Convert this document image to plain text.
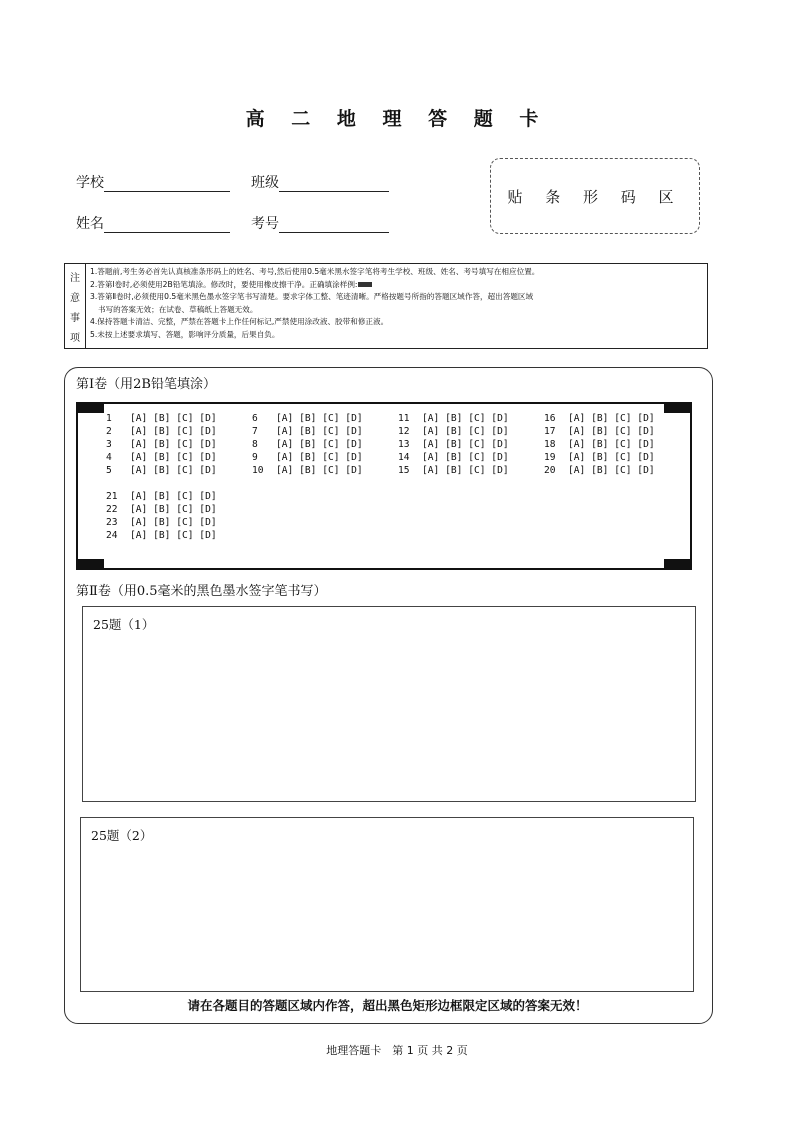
高 二 地 理 答 题 卡
学校	班级
姓名	考号
贴 条 形 码 区
注
意
事
项
1.答题前,考生务必首先认真核准条形码上的姓名、考号,然后使用0.5毫米黑水签字笔将考生学校、班级、姓名、考号填写在相应位置。
2.答第Ⅰ卷时,必须使用2B铅笔填涂。修改时，要使用橡皮擦干净。正确填涂样例:
3.答第Ⅱ卷时,必须使用0.5毫米黑色墨水签字笔书写清楚。要求字体工整、笔迹清晰。严格按题号所指的答题区域作答，超出答题区域
书写的答案无效；在试卷、草稿纸上答题无效。
4.保持答题卡清洁、完整，严禁在答题卡上作任何标记,严禁使用涂改液、胶带和修正液。
5.未按上述要求填写、答题，影响评分质量，后果自负。
第Ⅰ卷（用2B铅笔填涂）
1 [A] [B] [C] [D]
2 [A] [B] [C] [D]
3 [A] [B] [C] [D]
4 [A] [B] [C] [D]
5 [A] [B] [C] [D]
6 [A] [B] [C] [D]
7 [A] [B] [C] [D]
8 [A] [B] [C] [D]
9 [A] [B] [C] [D]
10 [A] [B] [C] [D]
11 [A] [B] [C] [D]
12 [A] [B] [C] [D]
13 [A] [B] [C] [D]
14 [A] [B] [C] [D]
15 [A] [B] [C] [D]
16 [A] [B] [C] [D]
17 [A] [B] [C] [D]
18 [A] [B] [C] [D]
19 [A] [B] [C] [D]
20 [A] [B] [C] [D]
21 [A] [B] [C] [D]
22 [A] [B] [C] [D]
23 [A] [B] [C] [D]
24 [A] [B] [C] [D]
第Ⅱ卷（用0.5毫米的黑色墨水签字笔书写）
25题（1）
25题（2）
请在各题目的答题区域内作答，超出黑色矩形边框限定区域的答案无效！
地理答题卡　第 1 页 共 2 页
